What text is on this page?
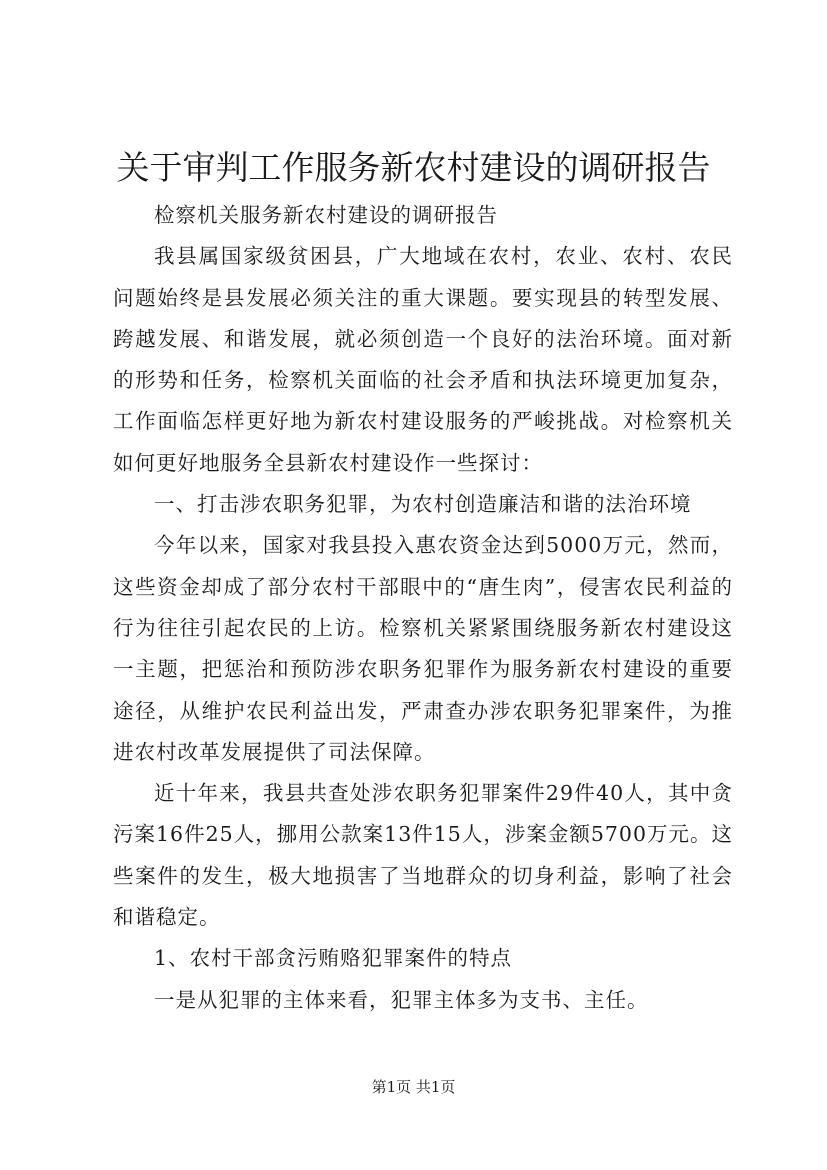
关于审判工作服务新农村建设的调研报告

检察机关服务新农村建设的调研报告

我县属国家级贫困县，广大地域在农村，农业、农村、农民问题始终是县发展必须关注的重大课题。要实现县的转型发展、跨越发展、和谐发展，就必须创造一个良好的法治环境。面对新的形势和任务，检察机关面临的社会矛盾和执法环境更加复杂，工作面临怎样更好地为新农村建设服务的严峻挑战。对检察机关如何更好地服务全县新农村建设作一些探讨：

一、打击涉农职务犯罪，为农村创造廉洁和谐的法治环境

今年以来，国家对我县投入惠农资金达到5000万元，然而，这些资金却成了部分农村干部眼中的“唐生肉”，侵害农民利益的行为往往引起农民的上访。检察机关紧紧围绕服务新农村建设这一主题，把惩治和预防涉农职务犯罪作为服务新农村建设的重要途径，从维护农民利益出发，严肃查办涉农职务犯罪案件，为推进农村改革发展提供了司法保障。

近十年来，我县共查处涉农职务犯罪案件29件40人，其中贪污案16件25人，挪用公款案13件15人，涉案金额5700万元。这些案件的发生，极大地损害了当地群众的切身利益，影响了社会和谐稳定。

1、农村干部贪污贿赂犯罪案件的特点

一是从犯罪的主体来看，犯罪主体多为支书、主任。

第1页 共1页
